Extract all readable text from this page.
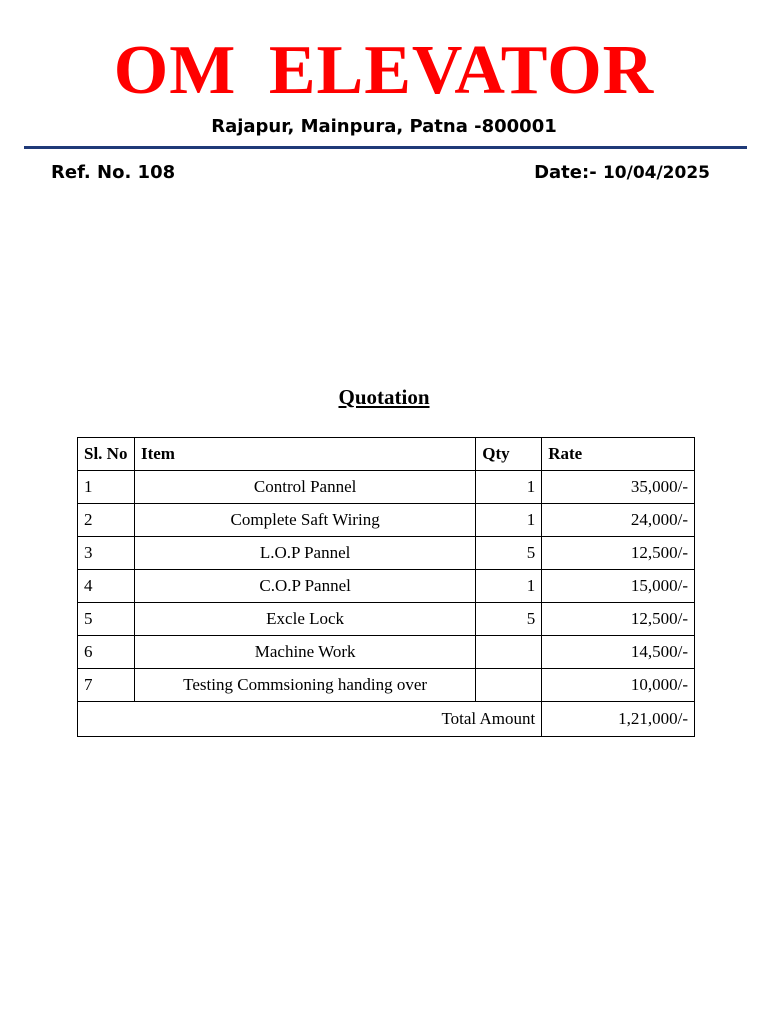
OM ELEVATOR
Rajapur, Mainpura, Patna -800001
Ref. No. 108	Date:- 10/04/2025
Quotation
Sl. No	Item	Qty	Rate
1	Control Pannel	1	35,000/-
2	Complete Saft Wiring	1	24,000/-
3	L.O.P Pannel	5	12,500/-
4	C.O.P Pannel	1	15,000/-
5	Excle Lock	5	12,500/-
6	Machine Work		14,500/-
7	Testing Commsioning handing over		10,000/-
Total Amount			1,21,000/-
